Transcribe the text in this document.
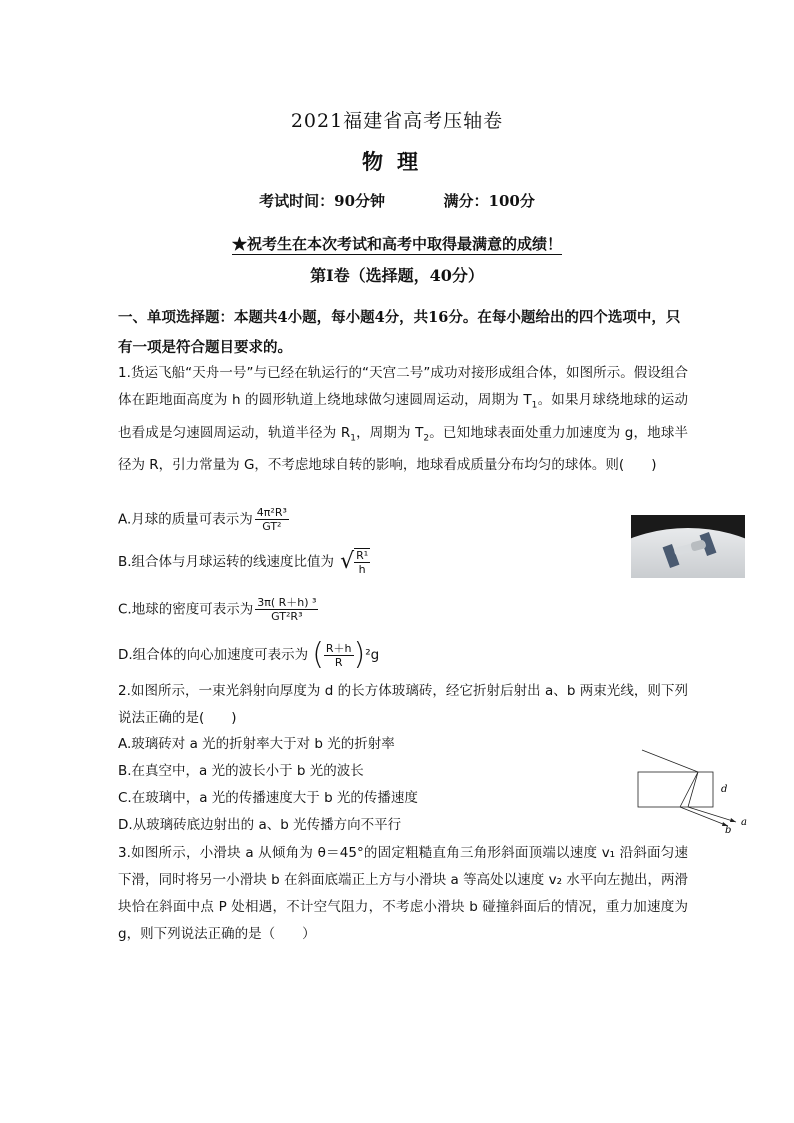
2021福建省高考压轴卷
物理
考试时间：90分钟	满分：100分
★祝考生在本次考试和高考中取得最满意的成绩！
第Ⅰ卷（选择题，40分）
一、单项选择题：本题共4小题，每小题4分，共16分。在每小题给出的四个选项中，只有一项是符合题目要求的。
1.货运飞船“天舟一号”与已经在轨运行的“天宫二号”成功对接形成组合体，如图所示。假设组合体在距地面高度为 h 的圆形轨道上绕地球做匀速圆周运动，周期为 $T_1$。如果月球绕地球的运动也看成是匀速圆周运动，轨道半径为 $R_1$，周期为 $T_2$。已知地球表面处重力加速度为 g，地球半径为 R，引力常量为 G，不考虑地球自转的影响，地球看成质量分布均匀的球体。则(　　)
A.月球的质量可表示为 $\frac{\text{4π²R³}}{\text{GT²}}$
B.组合体与月球运转的线速度比值为 √ $\frac{\text{R¹}}{h}$
C.地球的密度可表示为 $\frac{\text{3π( R＋h) ³}}{\text{GT²R³}}$
D.组合体的向心加速度可表示为 ( $\frac{R+h}{R}$ ) ²g
2.如图所示，一束光斜射向厚度为 d 的长方体玻璃砖，经它折射后射出 a、b 两束光线，则下列说法正确的是(　　)
A.玻璃砖对 a 光的折射率大于对 b 光的折射率
B.在真空中，a 光的波长小于 b 光的波长
C.在玻璃中，a 光的传播速度大于 b 光的传播速度
D.从玻璃砖底边射出的 a、b 光传播方向不平行
d
a
b
3.如图所示，小滑块 a 从倾角为 θ＝45°的固定粗糙直角三角形斜面顶端以速度 v₁ 沿斜面匀速下滑，同时将另一小滑块 b 在斜面底端正上方与小滑块 a 等高处以速度 v₂ 水平向左抛出，两滑块恰在斜面中点 P 处相遇，不计空气阻力，不考虑小滑块 b 碰撞斜面后的情况，重力加速度为 g，则下列说法正确的是（　　）
